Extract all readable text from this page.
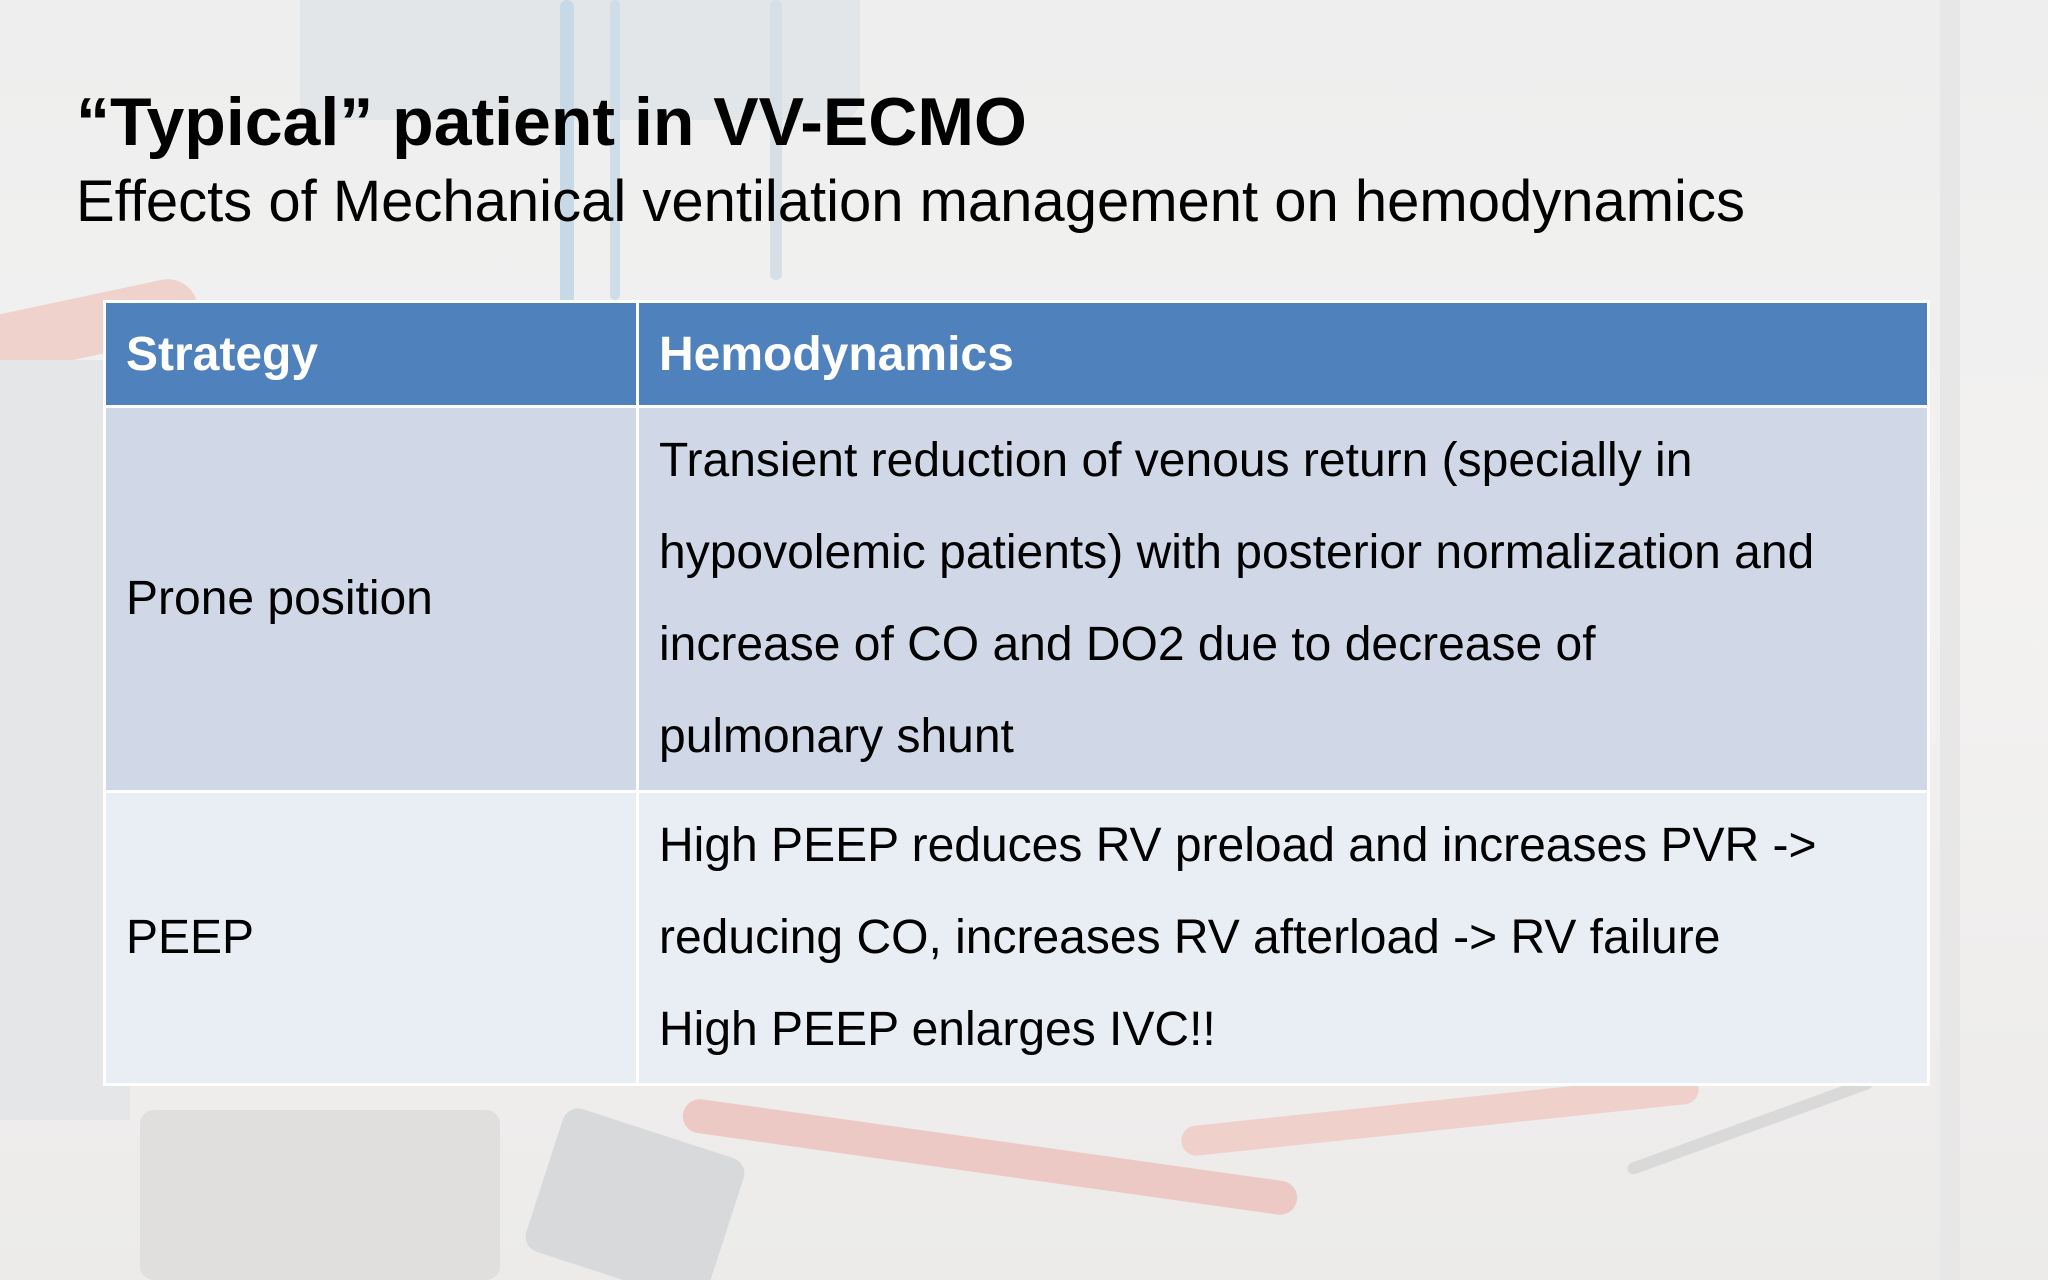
“Typical” patient in VV-ECMO

Effects of Mechanical ventilation management on hemodynamics

Strategy	Hemodynamics
Prone position	Transient reduction of venous return (specially in
hypovolemic patients) with posterior normalization and
increase of CO and DO2 due to decrease of
pulmonary shunt

PEEP	High PEEP reduces RV preload and increases PVR ->
reducing CO, increases RV afterload -> RV failure
High PEEP enlarges IVC!!
